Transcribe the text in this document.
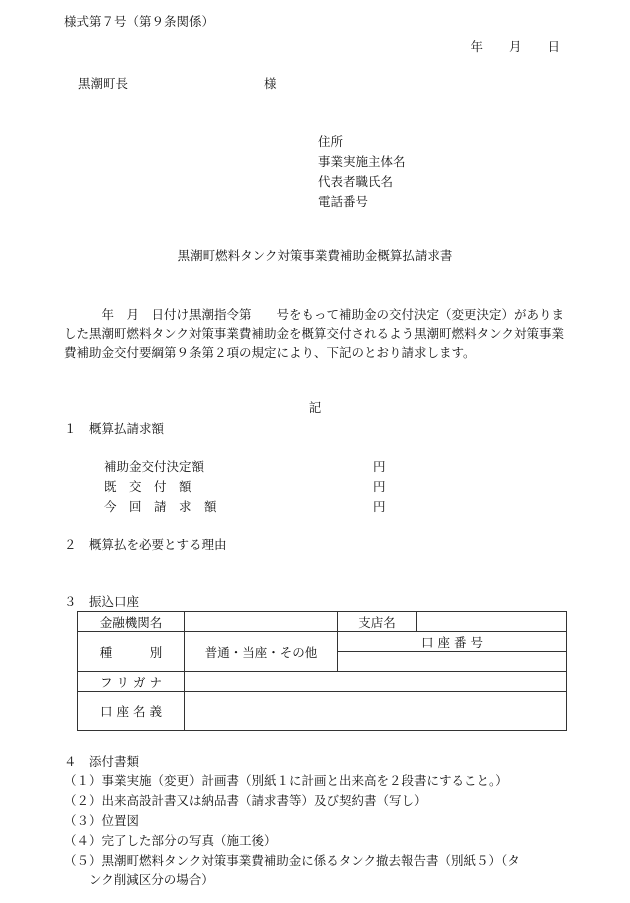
様式第７号（第９条関係）
年 月 日
黒潮町長	様
住所
事業実施主体名
代表者職氏名
電話番号
黒潮町燃料タンク対策事業費補助金概算払請求書
　　　年　月　日付け黒潮指令第　　号をもって補助金の交付決定（変更決定）がありました黒潮町燃料タンク対策事業費補助金を概算交付されるよう黒潮町燃料タンク対策事業費補助金交付要綱第９条第２項の規定により、下記のとおり請求します。
記
１　概算払請求額
補助金交付決定額	円
既　交　付　額	円
今　回　請　求　額	円
２　概算払を必要とする理由
３　振込口座
金融機関名		支店名	
種　　　別	普通・当座・その他	口 座 番 号	

フ リ ガ ナ			
口 座 名 義			
４　添付書類
（１）事業実施（変更）計画書（別紙１に計画と出来高を２段書にすること。）
（２）出来高設計書又は納品書（請求書等）及び契約書（写し）
（３）位置図
（４）完了した部分の写真（施工後）
（５）黒潮町燃料タンク対策事業費補助金に係るタンク撤去報告書（別紙５）（タ
　　ンク削減区分の場合）
